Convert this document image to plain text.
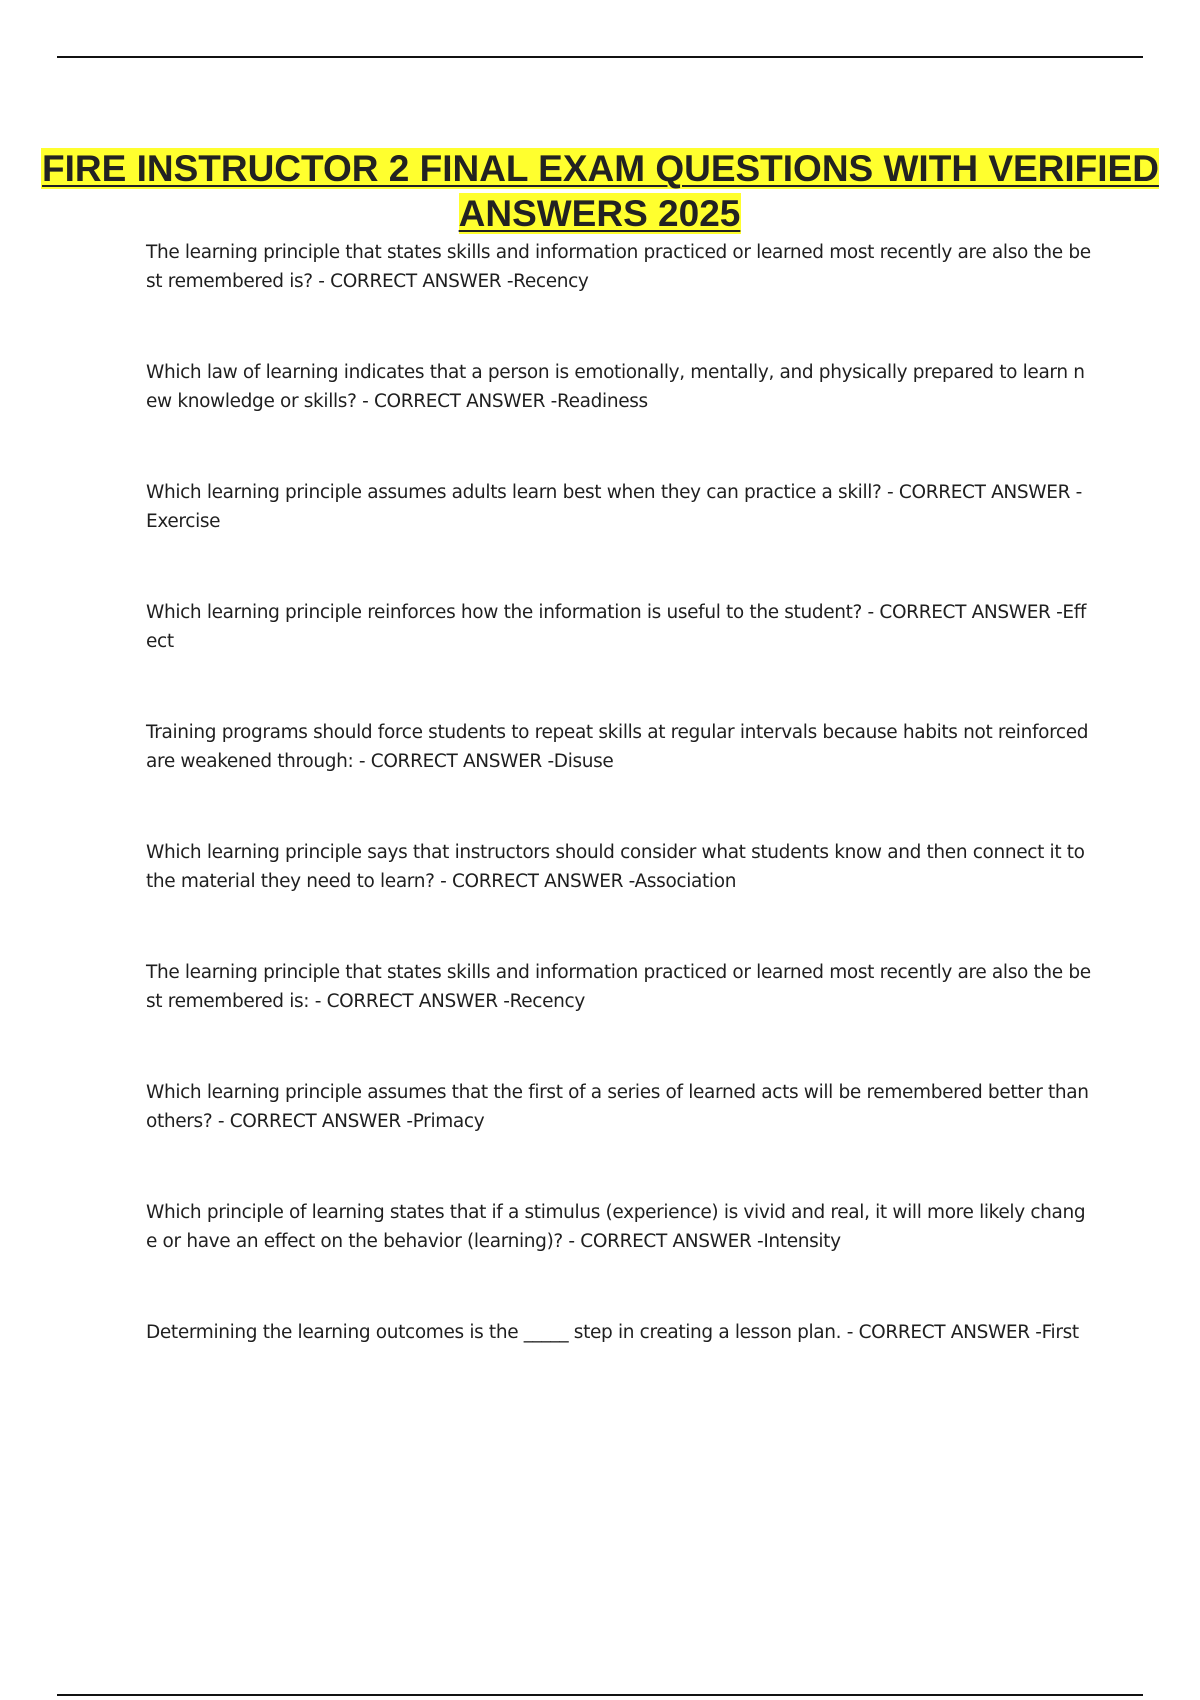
FIRE INSTRUCTOR 2 FINAL EXAM QUESTIONS WITH VERIFIED ANSWERS 2025
The learning principle that states skills and information practiced or learned most recently are also the best remembered is? - CORRECT ANSWER -Recency
Which law of learning indicates that a person is emotionally, mentally, and physically prepared to learn new knowledge or skills? - CORRECT ANSWER -Readiness
Which learning principle assumes adults learn best when they can practice a skill? - CORRECT ANSWER -Exercise
Which learning principle reinforces how the information is useful to the student? - CORRECT ANSWER -Effect
Training programs should force students to repeat skills at regular intervals because habits not reinforced are weakened through: - CORRECT ANSWER -Disuse
Which learning principle says that instructors should consider what students know and then connect it to the material they need to learn? - CORRECT ANSWER -Association
The learning principle that states skills and information practiced or learned most recently are also the best remembered is: - CORRECT ANSWER -Recency
Which learning principle assumes that the first of a series of learned acts will be remembered better than others? - CORRECT ANSWER -Primacy
Which principle of learning states that if a stimulus (experience) is vivid and real, it will more likely change or have an effect on the behavior (learning)? - CORRECT ANSWER -Intensity
Determining the learning outcomes is the _____ step in creating a lesson plan. - CORRECT ANSWER -First
